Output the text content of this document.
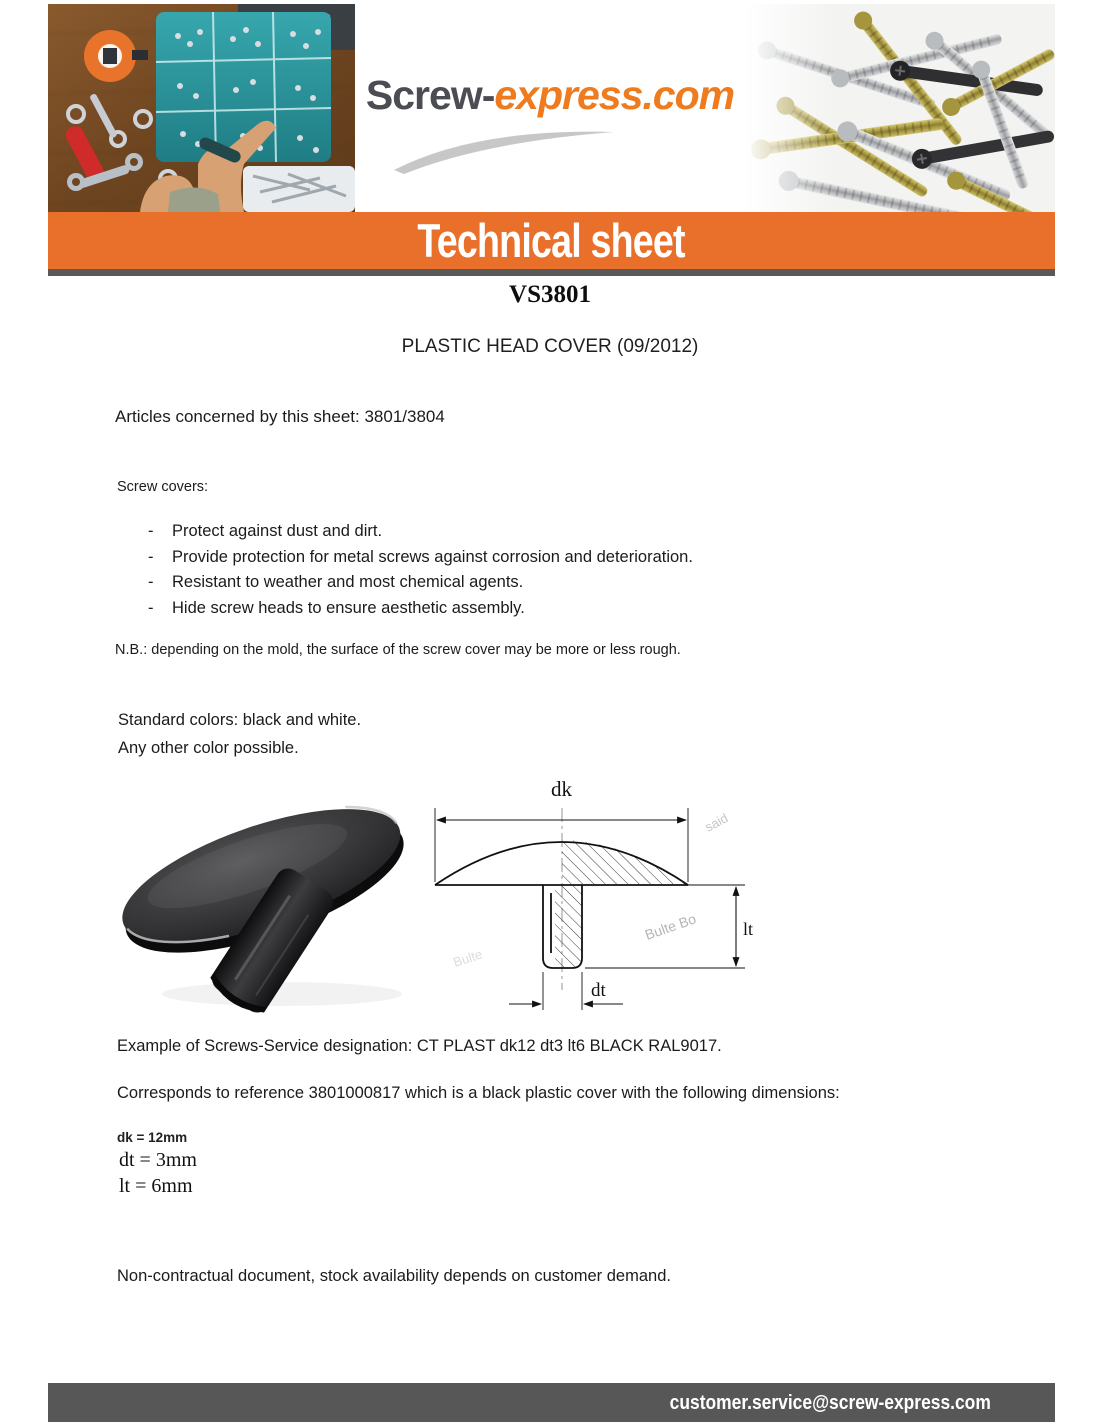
Screw-express.com
Technical sheet
VS3801
PLASTIC HEAD COVER (09/2012)
Articles concerned by this sheet: 3801/3804
Screw covers:
- Protect against dust and dirt.
- Provide protection for metal screws against corrosion and deterioration.
- Resistant to weather and most chemical agents.
- Hide screw heads to ensure aesthetic assembly.
N.B.: depending on the mold, the surface of the screw cover may be more or less rough.
Standard colors: black and white.
Any other color possible.
Bulte
Bulte Bo
said
dk
lt
dt
Example of Screws-Service designation: CT PLAST dk12 dt3 lt6 BLACK RAL9017.
Corresponds to reference 3801000817 which is a black plastic cover with the following dimensions:
dk = 12mm
dt = 3mm
lt = 6mm
Non-contractual document, stock availability depends on customer demand.
customer.service@screw-express.com
